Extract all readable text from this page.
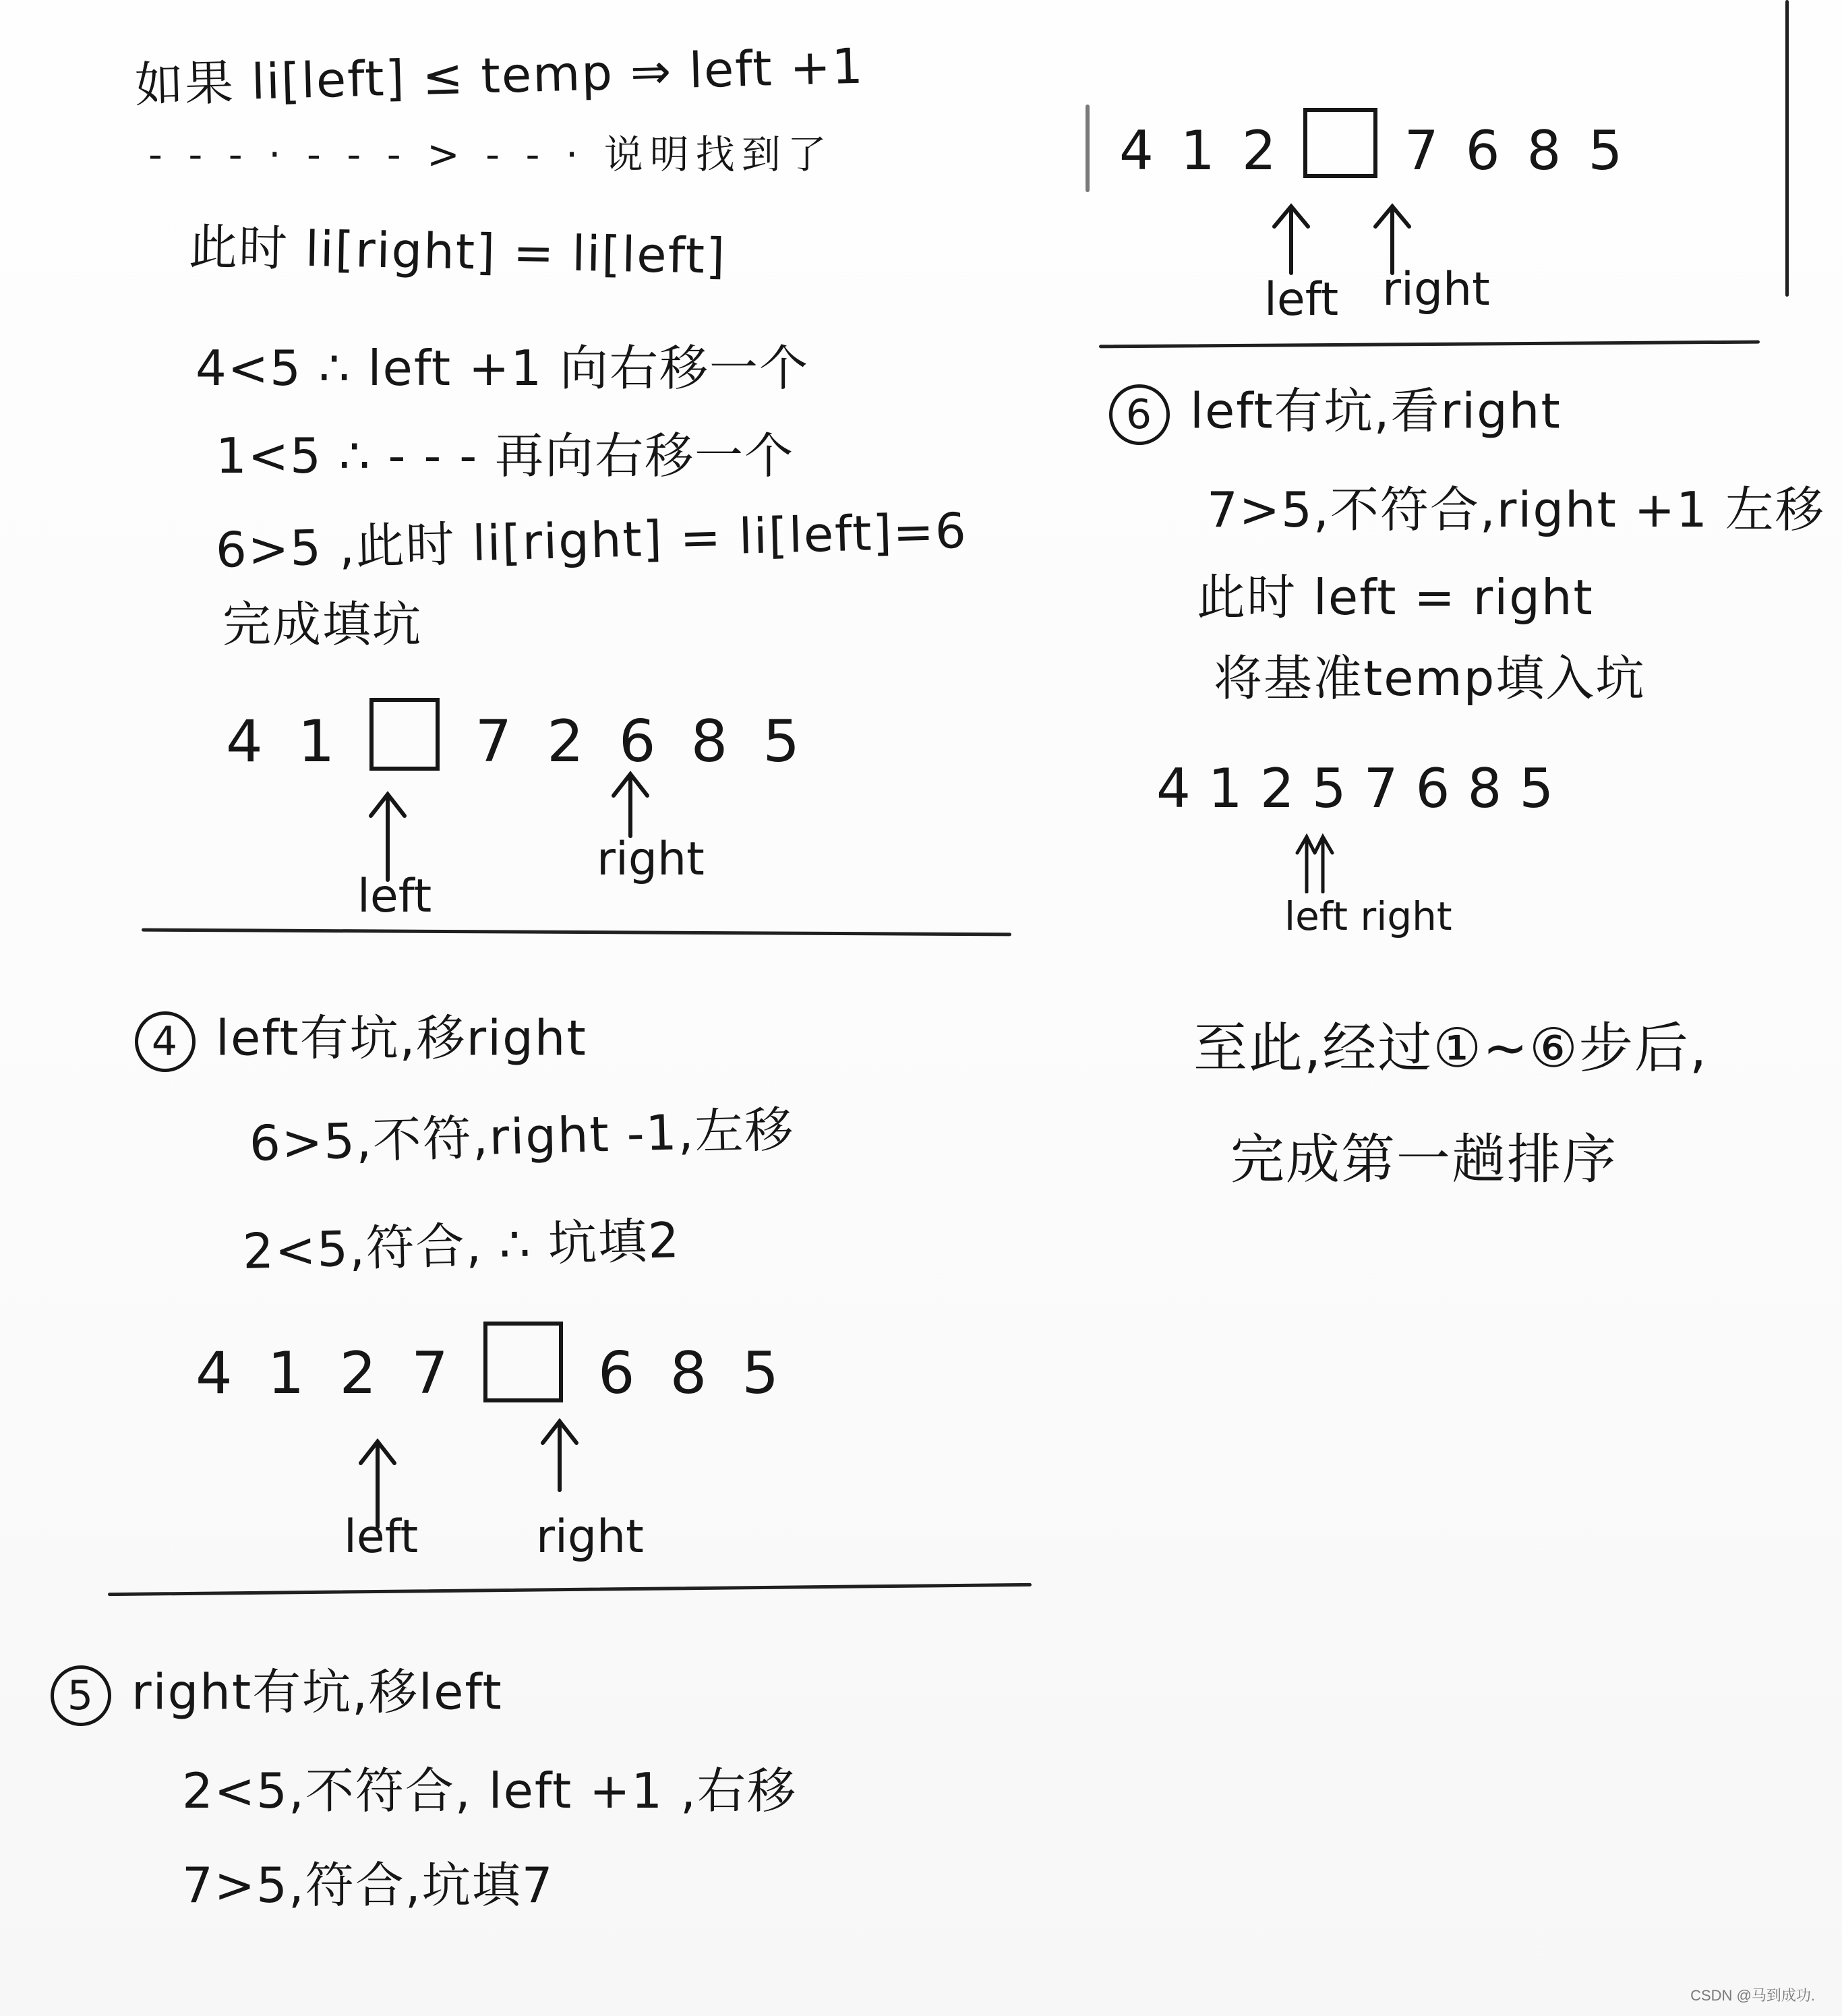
如果 li[left] ≤ temp ⇒ left +1
- - - · - - - > - - · 说明找到了
此时 li[right] = li[left]
4<5 ∴ left +1 向右移一个
1<5 ∴ - - - 再向右移一个
6>5 ,此时 li[right] = li[left]=6
完成填坑
4 1 7 2 6 8 5
left
right
4 left有坑,移right
6>5,不符,right -1,左移
2<5,符合, ∴ 坑填2
4 1 2 7	6 8 5
left	right
5 right有坑,移left
2<5,不符合, left +1 ,右移
7>5,符合,坑填7
4 1 2 7 6 8 5
left right
6 left有坑,看right
7>5,不符合,right +1 左移
此时 left = right
将基准temp填入坑
4 1 2 5 7 6 8 5
left right
至此,经过①~⑥步后,
完成第一趟排序
CSDN @马到成功.
